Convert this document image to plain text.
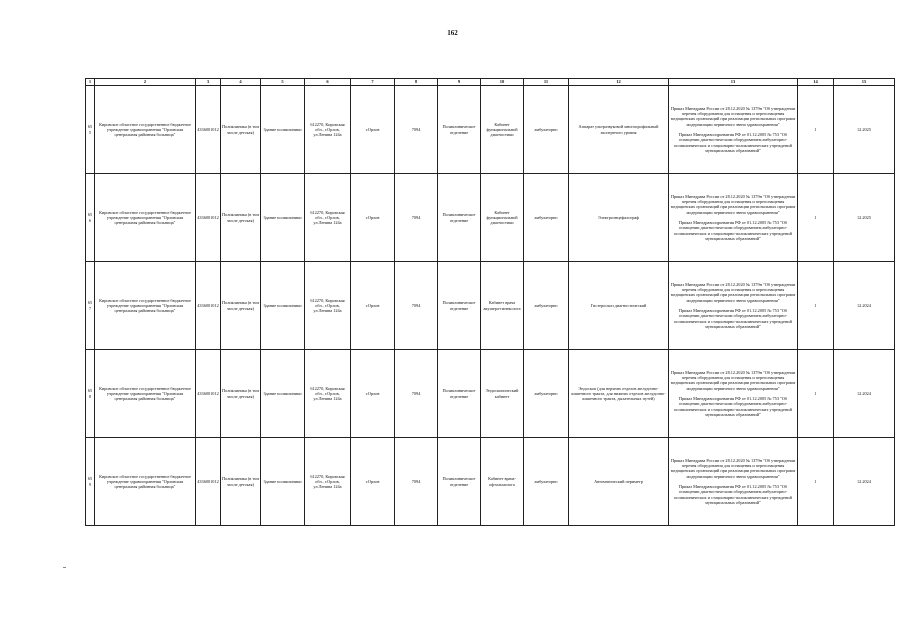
162
1	2	3	4	5	6	7	8	9	10	11	12	13	14	15
655	Кировское областное государственное бюджетное учреждение здравоохранения "Орловская центральная районная больница"	4336001012	Поликлиника (в том числе детская)	Здание поликлиники	612270, Кировская обл., г.Орлов, ул.Ленина 124а	г.Орлов	7094	Поликлиническое отделение	Кабинет функциональной диагностики	амбулаторно	Аппарат ультразвуковой многопрофильный экспертного уровня	Приказ Минздрава России от 28.12.2020 № 1379н "Об утверждении перечня оборудования для оснащения и переоснащения медицинских организаций при реализации региональных программ модернизации первичного звена здравоохранения"

Приказ Минздравсоцразвития РФ от 01.12.2005 № 753 "Об оснащении диагностическим оборудованием амбулаторно-поликлинических и стационарно-поликлинических учреждений муниципальных образований"	1	12.2025
656	Кировское областное государственное бюджетное учреждение здравоохранения "Орловская центральная районная больница"	4336001012	Поликлиника (в том числе детская)	Здание поликлиники	612270, Кировская обл., г.Орлов, ул.Ленина 124а	г.Орлов	7094	Поликлиническое отделение	Кабинет функциональной диагностики	амбулаторно	Электроэнцефалограф	Приказ Минздрава России от 28.12.2020 № 1379н "Об утверждении перечня оборудования для оснащения и переоснащения медицинских организаций при реализации региональных программ модернизации первичного звена здравоохранения"

Приказ Минздравсоцразвития РФ от 01.12.2005 № 753 "Об оснащении диагностическим оборудованием амбулаторно-поликлинических и стационарно-поликлинических учреждений муниципальных образований"	1	12.2025
657	Кировское областное государственное бюджетное учреждение здравоохранения "Орловская центральная районная больница"	4336001012	Поликлиника (в том числе детская)	Здание поликлиники	612270, Кировская обл., г.Орлов, ул.Ленина 124а	г.Орлов	7094	Поликлиническое отделение	Кабинет врача акушера-гинеколога	амбулаторно	Гистероскоп диагностический	Приказ Минздрава России от 28.12.2020 № 1379н "Об утверждении перечня оборудования для оснащения и переоснащения медицинских организаций при реализации региональных программ модернизации первичного звена здравоохранения"

Приказ Минздравсоцразвития РФ от 01.12.2005 № 753 "Об оснащении диагностическим оборудованием амбулаторно-поликлинических и стационарно-поликлинических учреждений муниципальных образований"	1	12.2024
658	Кировское областное государственное бюджетное учреждение здравоохранения "Орловская центральная районная больница"	4336001012	Поликлиника (в том числе детская)	Здание поликлиники	612270, Кировская обл., г.Орлов, ул.Ленина 124а	г.Орлов	7094	Поликлиническое отделение	Эндоскопический кабинет	амбулаторно	Эндоскоп (для верхних отделов желудочно-кишечного тракта, для нижних отделов желудочно-кишечного тракта, дыхательных путей)	Приказ Минздрава России от 28.12.2020 № 1379н "Об утверждении перечня оборудования для оснащения и переоснащения медицинских организаций при реализации региональных программ модернизации первичного звена здравоохранения"

Приказ Минздравсоцразвития РФ от 01.12.2005 № 753 "Об оснащении диагностическим оборудованием амбулаторно-поликлинических и стационарно-поликлинических учреждений муниципальных образований"	1	12.2024
659	Кировское областное государственное бюджетное учреждение здравоохранения "Орловская центральная районная больница"	4336001012	Поликлиника (в том числе детская)	Здание поликлиники	612270, Кировская обл., г.Орлов, ул.Ленина 124а	г.Орлов	7094	Поликлиническое отделение	Кабинет врача-офтальмолога	амбулаторно	Автоматический периметр	Приказ Минздрава России от 28.12.2020 № 1379н "Об утверждении перечня оборудования для оснащения и переоснащения медицинских организаций при реализации региональных программ модернизации первичного звена здравоохранения"

Приказ Минздравсоцразвития РФ от 01.12.2005 № 753 "Об оснащении диагностическим оборудованием амбулаторно-поликлинических и стационарно-поликлинических учреждений муниципальных образований"	1	12.2024
